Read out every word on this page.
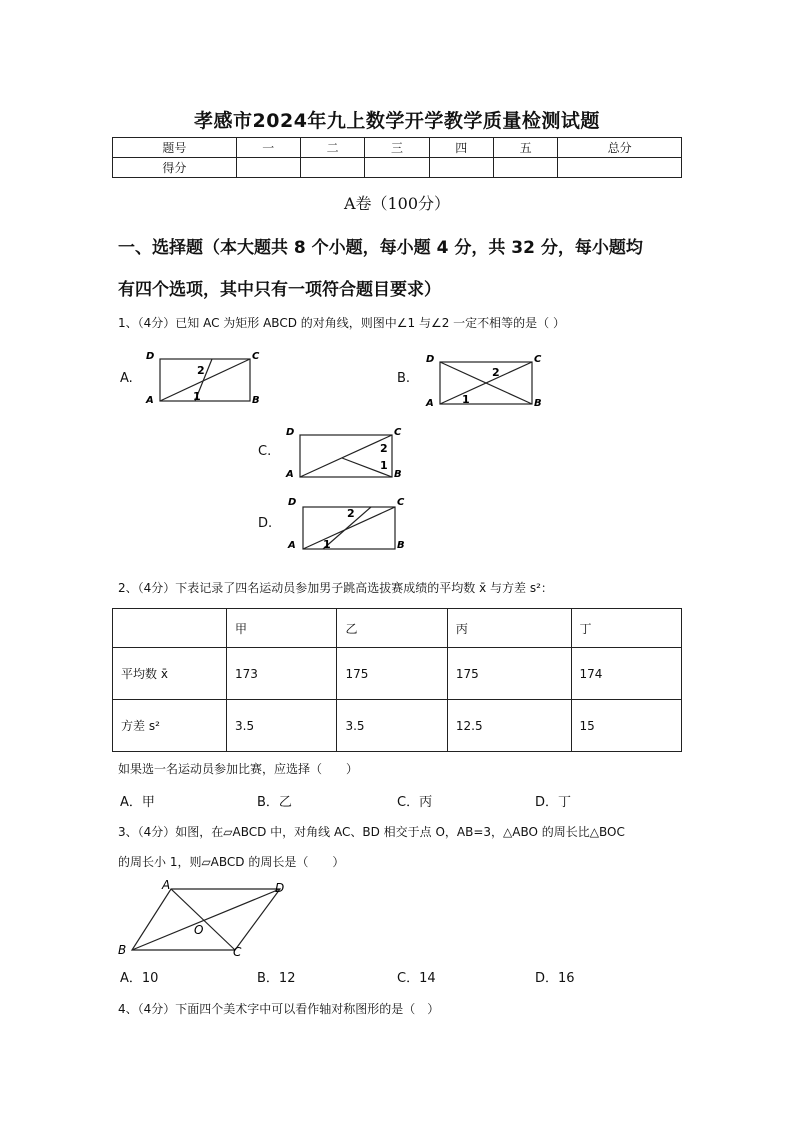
孝感市2024年九上数学开学教学质量检测试题
题号	一	二	三	四	五	总分
得分						
A卷（100分）
一、选择题（本大题共 8 个小题，每小题 4 分，共 32 分，每小题均
有四个选项，其中只有一项符合题目要求）
1、（4分）已知 AC 为矩形 ABCD 的对角线，则图中∠1 与∠2 一定不相等的是（ ）
A.
D	C
A	B
2
1
B.
D	C
A	B
2
1
C.
D	C
A	B
2
1
D.
D	C
A	B
2
1
2、（4分）下表记录了四名运动员参加男子跳高选拔赛成绩的平均数 x̄ 与方差 s²：
	甲	乙	丙	丁
平均数 x̄	173	175	175	174
方差 s²	3.5	3.5	12.5	15
如果选一名运动员参加比赛，应选择（　　）
A．甲	B．乙	C．丙	D．丁
3、（4分）如图，在▱ABCD 中，对角线 AC、BD 相交于点 O，AB=3，△ABO 的周长比△BOC
的周长小 1，则▱ABCD 的周长是（　　）
A	D
B	C
O
A．10	B．12	C．14	D．16
4、（4分）下面四个美术字中可以看作轴对称图形的是（　）
